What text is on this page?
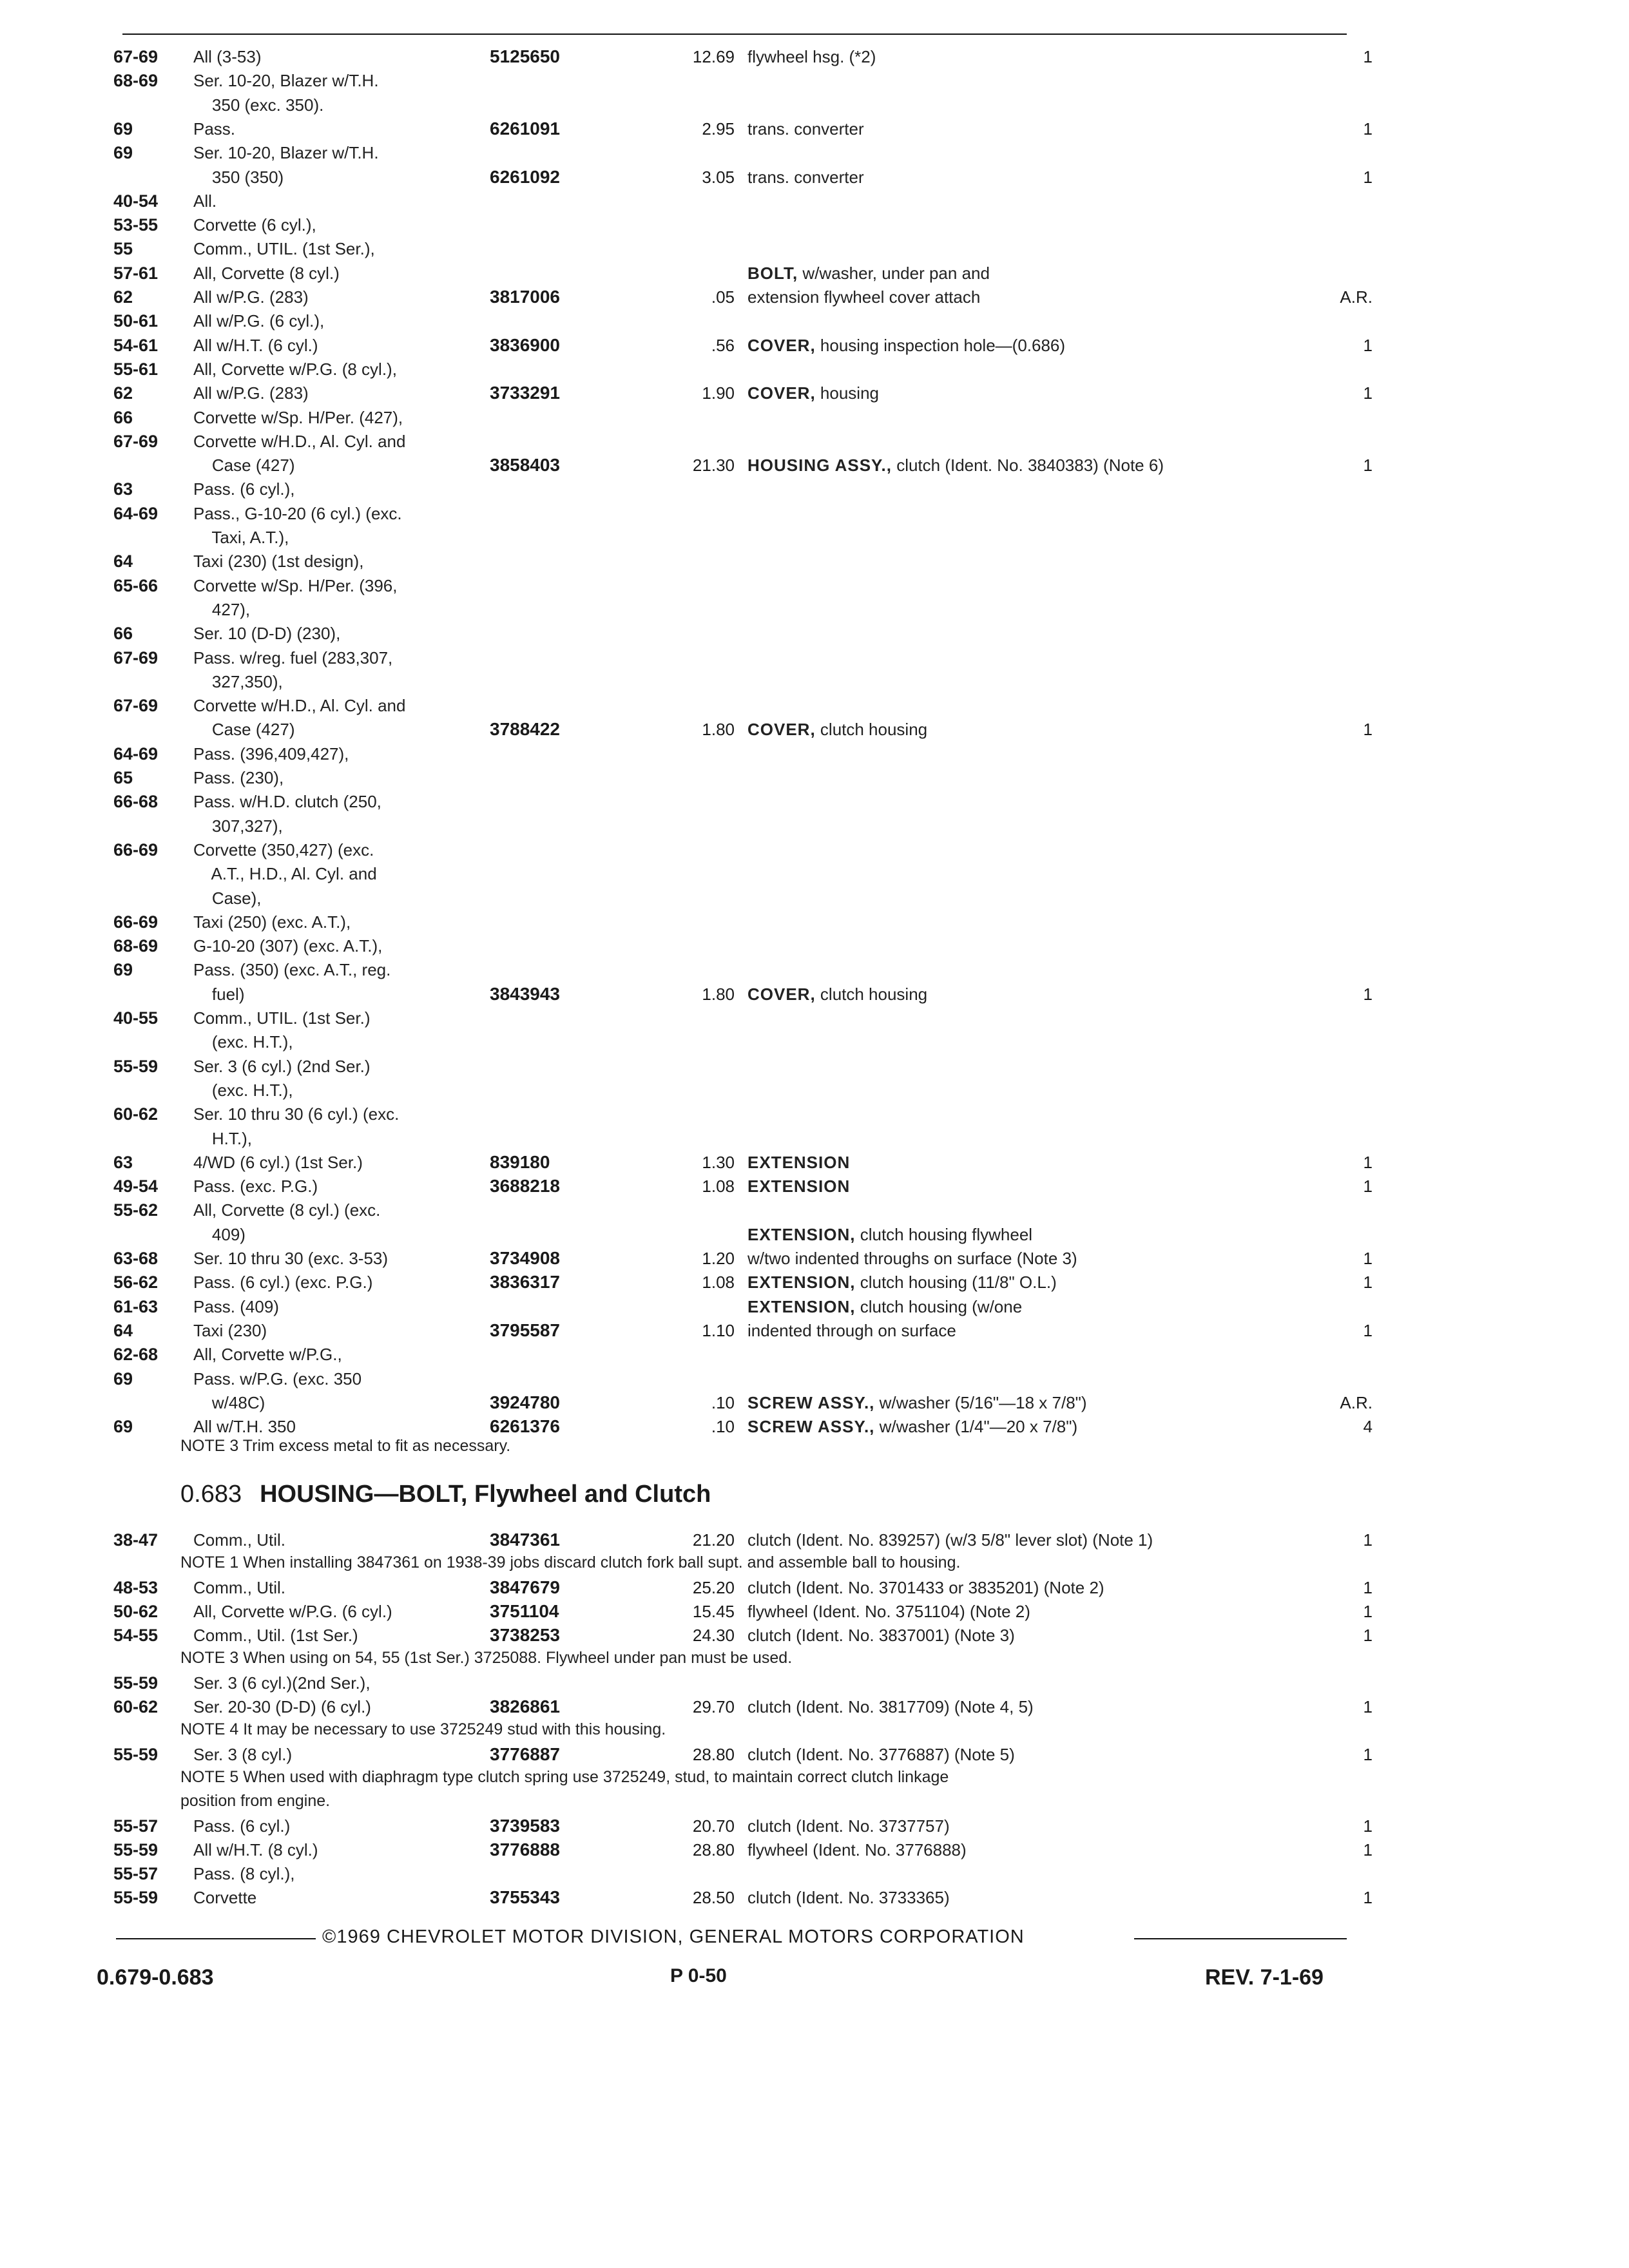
67-69	All (3-53)	5125650	12.69 flywheel hsg. (*2)	1
68-69	Ser. 10-20, Blazer w/T.H.
350 (exc. 350).
69	Pass.	6261091	2.95 trans. converter	1
69	Ser. 10-20, Blazer w/T.H.
350 (350)	6261092	3.05 trans. converter	1
40-54	All.
53-55	Corvette (6 cyl.),
55	Comm., UTIL. (1st Ser.),
57-61	All, Corvette (8 cyl.)	BOLT, w/washer, under pan and
62	All w/P.G. (283)	3817006	.05 extension flywheel cover attach	A.R.
50-61	All w/P.G. (6 cyl.),
54-61	All w/H.T. (6 cyl.)	3836900	.56 COVER, housing inspection hole—(0.686)	1
55-61	All, Corvette w/P.G. (8 cyl.),
62	All w/P.G. (283)	3733291	1.90 COVER, housing	1
66	Corvette w/Sp. H/Per. (427),
67-69	Corvette w/H.D., Al. Cyl. and
Case (427)	3858403	21.30 HOUSING ASSY., clutch (Ident. No. 3840383) (Note 6)	1
63	Pass. (6 cyl.),
64-69	Pass., G-10-20 (6 cyl.) (exc.
Taxi, A.T.),
64	Taxi (230) (1st design),
65-66	Corvette w/Sp. H/Per. (396,
427),
66	Ser. 10 (D-D) (230),
67-69	Pass. w/reg. fuel (283,307,
327,350),
67-69	Corvette w/H.D., Al. Cyl. and
Case (427)	3788422	1.80 COVER, clutch housing	1
64-69	Pass. (396,409,427),
65	Pass. (230),
66-68	Pass. w/H.D. clutch (250,
307,327),
66-69	Corvette (350,427) (exc.
A.T., H.D., Al. Cyl. and
Case),
66-69	Taxi (250) (exc. A.T.),
68-69	G-10-20 (307) (exc. A.T.),
69	Pass. (350) (exc. A.T., reg.
fuel)	3843943	1.80 COVER, clutch housing	1
40-55	Comm., UTIL. (1st Ser.)
(exc. H.T.),
55-59	Ser. 3 (6 cyl.) (2nd Ser.)
(exc. H.T.),
60-62	Ser. 10 thru 30 (6 cyl.) (exc.
H.T.),
63	4/WD (6 cyl.) (1st Ser.)	839180	1.30 EXTENSION	1
49-54	Pass. (exc. P.G.)	3688218	1.08 EXTENSION	1
55-62	All, Corvette (8 cyl.) (exc.
409)	EXTENSION, clutch housing flywheel
63-68	Ser. 10 thru 30 (exc. 3-53)	3734908	1.20 w/two indented throughs on surface (Note 3)	1
56-62	Pass. (6 cyl.) (exc. P.G.)	3836317	1.08 EXTENSION, clutch housing (11/8" O.L.)	1
61-63	Pass. (409)	EXTENSION, clutch housing (w/one
64	Taxi (230)	3795587	1.10 indented through on surface	1
62-68	All, Corvette w/P.G.,
69	Pass. w/P.G. (exc. 350
w/48C)	3924780	.10 SCREW ASSY., w/washer (5/16"—18 x 7/8")	A.R.
69	All w/T.H. 350	6261376	.10 SCREW ASSY., w/washer (1/4"—20 x 7/8")	4
NOTE 3 Trim excess metal to fit as necessary.
0.683 HOUSING—BOLT, Flywheel and Clutch
38-47	Comm., Util.	3847361	21.20 clutch (Ident. No. 839257) (w/3 5/8" lever slot) (Note 1)	1
NOTE 1 When installing 3847361 on 1938-39 jobs discard clutch fork ball supt. and assemble ball to housing.
48-53	Comm., Util.	3847679	25.20 clutch (Ident. No. 3701433 or 3835201) (Note 2)	1
50-62	All, Corvette w/P.G. (6 cyl.)	3751104	15.45 flywheel (Ident. No. 3751104) (Note 2)	1
54-55	Comm., Util. (1st Ser.)	3738253	24.30 clutch (Ident. No. 3837001) (Note 3)	1
NOTE 3 When using on 54, 55 (1st Ser.) 3725088. Flywheel under pan must be used.
55-59	Ser. 3 (6 cyl.)(2nd Ser.),
60-62	Ser. 20-30 (D-D) (6 cyl.)	3826861	29.70 clutch (Ident. No. 3817709) (Note 4, 5)	1
NOTE 4 It may be necessary to use 3725249 stud with this housing.
55-59	Ser. 3 (8 cyl.)	3776887	28.80 clutch (Ident. No. 3776887) (Note 5)	1
NOTE 5 When used with diaphragm type clutch spring use 3725249, stud, to maintain correct clutch linkage
position from engine.
55-57	Pass. (6 cyl.)	3739583	20.70 clutch (Ident. No. 3737757)	1
55-59	All w/H.T. (8 cyl.)	3776888	28.80 flywheel (Ident. No. 3776888)	1
55-57	Pass. (8 cyl.),
55-59	Corvette	3755343	28.50 clutch (Ident. No. 3733365)	1
©1969 CHEVROLET MOTOR DIVISION, GENERAL MOTORS CORPORATION
0.679-0.683	P 0-50	REV. 7-1-69
